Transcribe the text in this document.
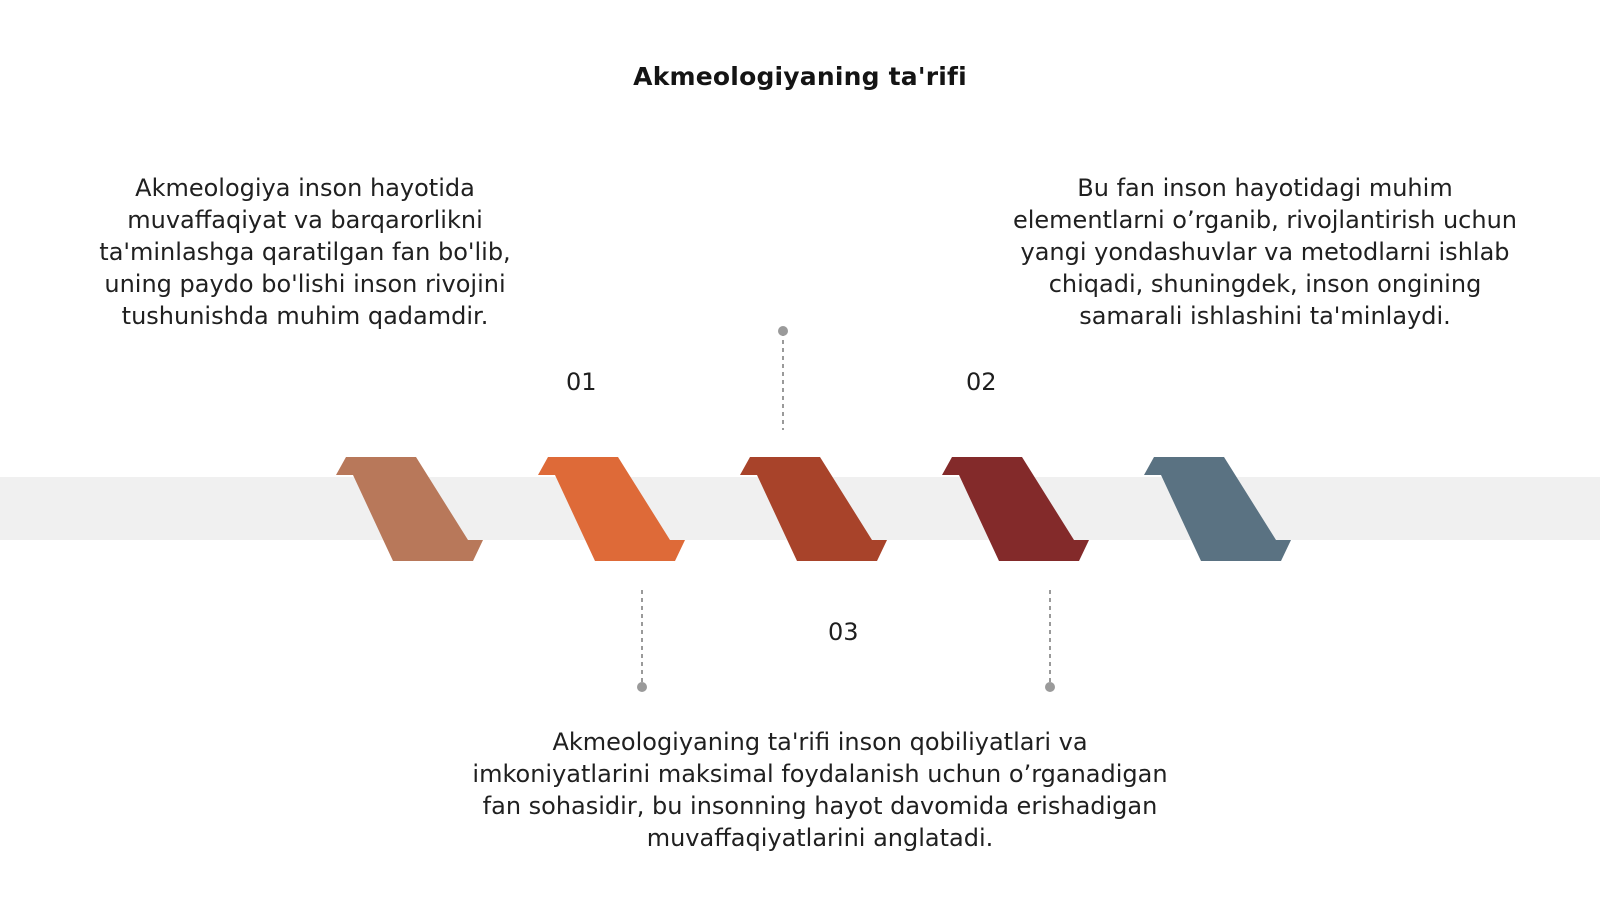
Akmeologiyaning ta'rifi
Akmeologiya inson hayotida muvaffaqiyat va barqarorlikni ta'minlashga qaratilgan fan bo'lib, uning paydo bo'lishi inson rivojini tushunishda muhim qadamdir.
Bu fan inson hayotidagi muhim elementlarni o’rganib, rivojlantirish uchun yangi yondashuvlar va metodlarni ishlab chiqadi, shuningdek, inson ongining samarali ishlashini ta'minlaydi.
Akmeologiyaning ta'rifi inson qobiliyatlari va imkoniyatlarini maksimal foydalanish uchun o’rganadigan fan sohasidir, bu insonning hayot davomida erishadigan muvaffaqiyatlarini anglatadi.
01	02
03
